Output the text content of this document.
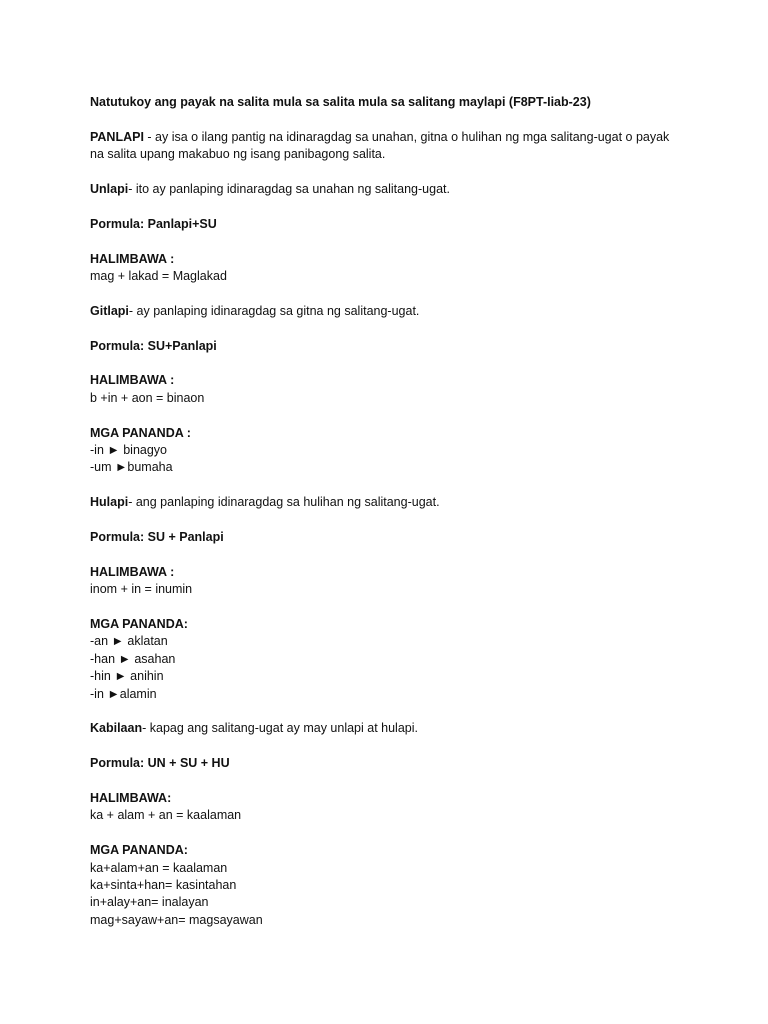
Natutukoy ang payak na salita mula sa salita mula sa salitang maylapi (F8PT-Iiab-23)

PANLAPI - ay isa o ilang pantig na idinaragdag sa unahan, gitna o hulihan ng mga salitang-ugat o payak

na salita upang makabuo ng isang panibagong salita.

Unlapi- ito ay panlaping idinaragdag sa unahan ng salitang-ugat.

Pormula: Panlapi+SU

HALIMBAWA :

mag + lakad = Maglakad

Gitlapi- ay panlaping idinaragdag sa gitna ng salitang-ugat.

Pormula: SU+Panlapi

HALIMBAWA :

b +in + aon = binaon

MGA PANANDA :

-in ► binagyo

-um ►bumaha

Hulapi- ang panlaping idinaragdag sa hulihan ng salitang-ugat.

Pormula: SU + Panlapi

HALIMBAWA :

inom + in = inumin

MGA PANANDA:

-an ► aklatan

-han ► asahan

-hin ► anihin

-in ►alamin

Kabilaan- kapag ang salitang-ugat ay may unlapi at hulapi.

Pormula: UN + SU + HU

HALIMBAWA:

ka + alam + an = kaalaman

MGA PANANDA:

ka+alam+an = kaalaman

ka+sinta+han= kasintahan

in+alay+an= inalayan

mag+sayaw+an= magsayawan
